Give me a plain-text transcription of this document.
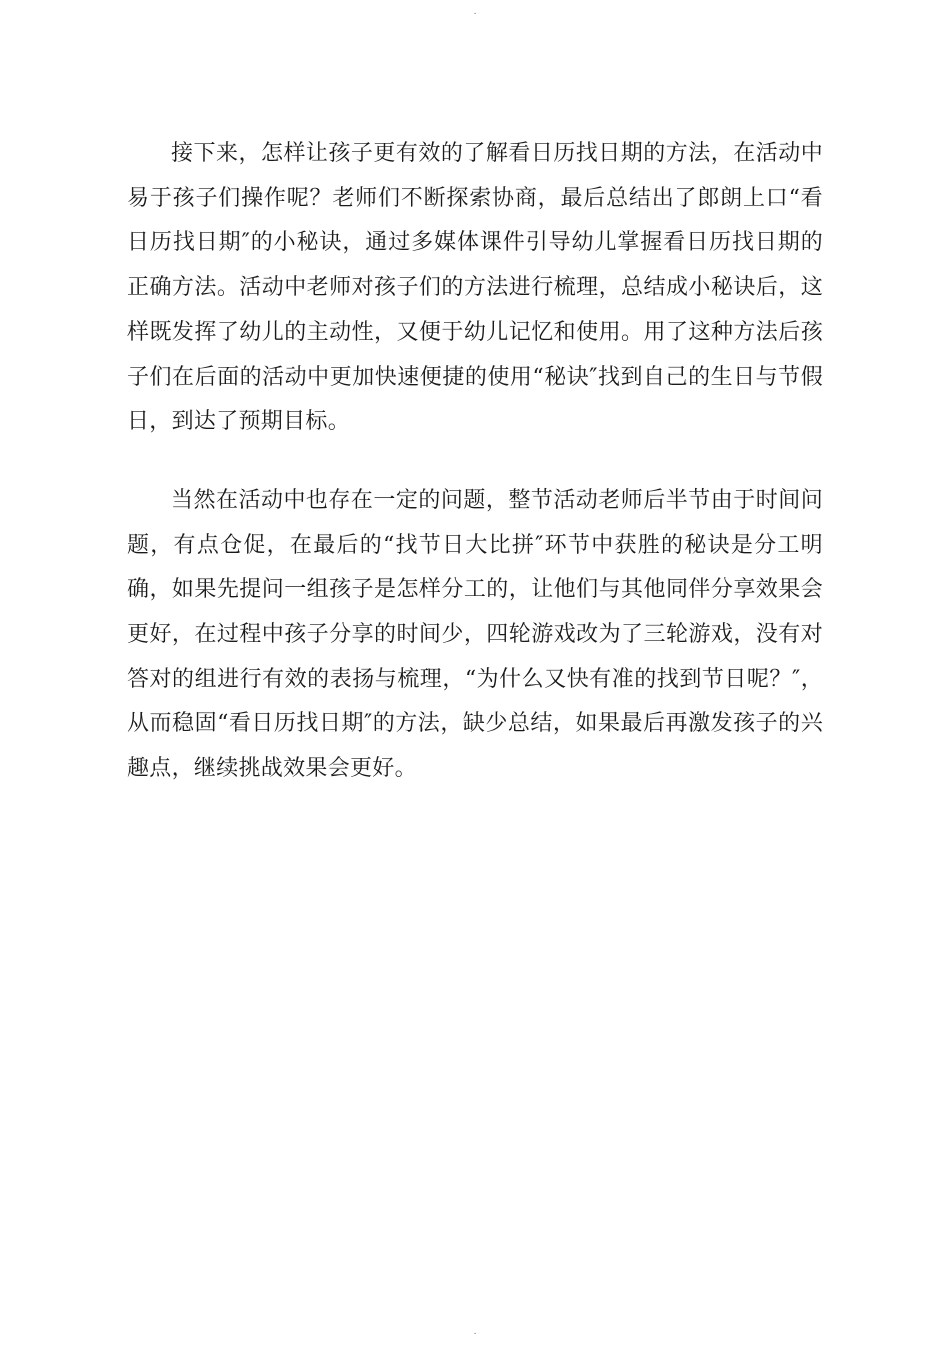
.

接下来，怎样让孩子更有效的了解看日历找日期的方法，在活动中易于孩子们操作呢？老师们不断探索协商，最后总结出了郎朗上口“看日历找日期″的小秘诀，通过多媒体课件引导幼儿掌握看日历找日期的正确方法。活动中老师对孩子们的方法进行梳理，总结成小秘诀后，这样既发挥了幼儿的主动性，又便于幼儿记忆和使用。用了这种方法后孩子们在后面的活动中更加快速便捷的使用“秘诀″找到自己的生日与节假日，到达了预期目标。

当然在活动中也存在一定的问题，整节活动老师后半节由于时间问题，有点仓促，在最后的“找节日大比拼″环节中获胜的秘诀是分工明确，如果先提问一组孩子是怎样分工的，让他们与其他同伴分享效果会更好，在过程中孩子分享的时间少，四轮游戏改为了三轮游戏，没有对答对的组进行有效的表扬与梳理，“为什么又快有准的找到节日呢？″，从而稳固“看日历找日期″的方法，缺少总结，如果最后再激发孩子的兴趣点，继续挑战效果会更好。

.
